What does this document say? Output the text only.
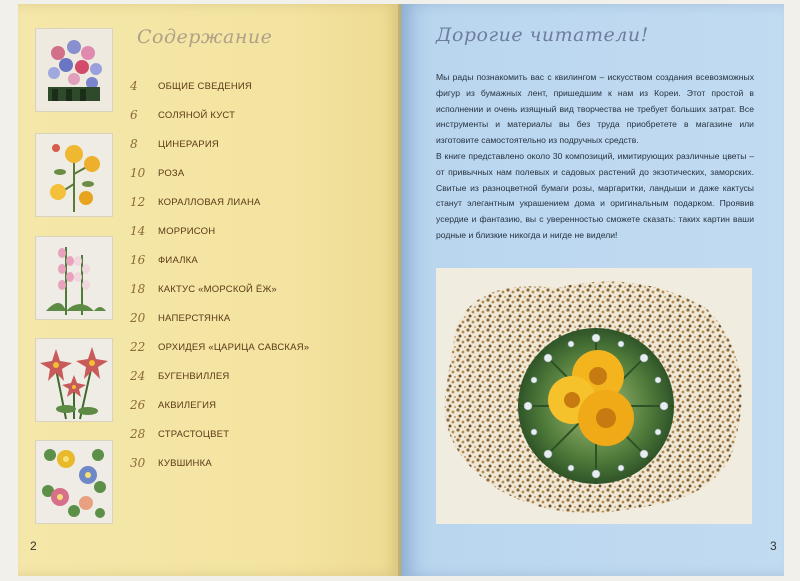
Содержание
4	ОБЩИЕ СВЕДЕНИЯ
6	СОЛЯНОЙ КУСТ
8	ЦИНЕРАРИЯ
10	РОЗА
12	КОРАЛЛОВАЯ ЛИАНА
14	МОРРИСОН
16	ФИАЛКА
18	КАКТУС «МОРСКОЙ ЁЖ»
20	НАПЕРСТЯНКА
22	ОРХИДЕЯ «ЦАРИЦА САВСКАЯ»
24	БУГЕНВИЛЛЕЯ
26	АКВИЛЕГИЯ
28	СТРАСТОЦВЕТ
30	КУВШИНКА
2
Дорогие читатели!

Мы рады познакомить вас с квилингом – искусством создания всевозможных фигур из бумажных лент, пришедшим к нам из Кореи. Этот простой в исполнении и очень изящный вид творчества не требует больших затрат. Все инструменты и материалы вы без труда приобретете в магазине или изготовите самостоятельно из подручных средств.

В книге представлено около 30 композиций, имитирующих различные цветы – от привычных нам полевых и садовых растений до экзотических, заморских. Свитые из разноцветной бумаги розы, маргаритки, ландыши и даже кактусы станут элегантным украшением дома и оригинальным подарком. Проявив усердие и фантазию, вы с уверенностью сможете сказать: таких картин ваши родные и близкие никогда и нигде не видели!

3
